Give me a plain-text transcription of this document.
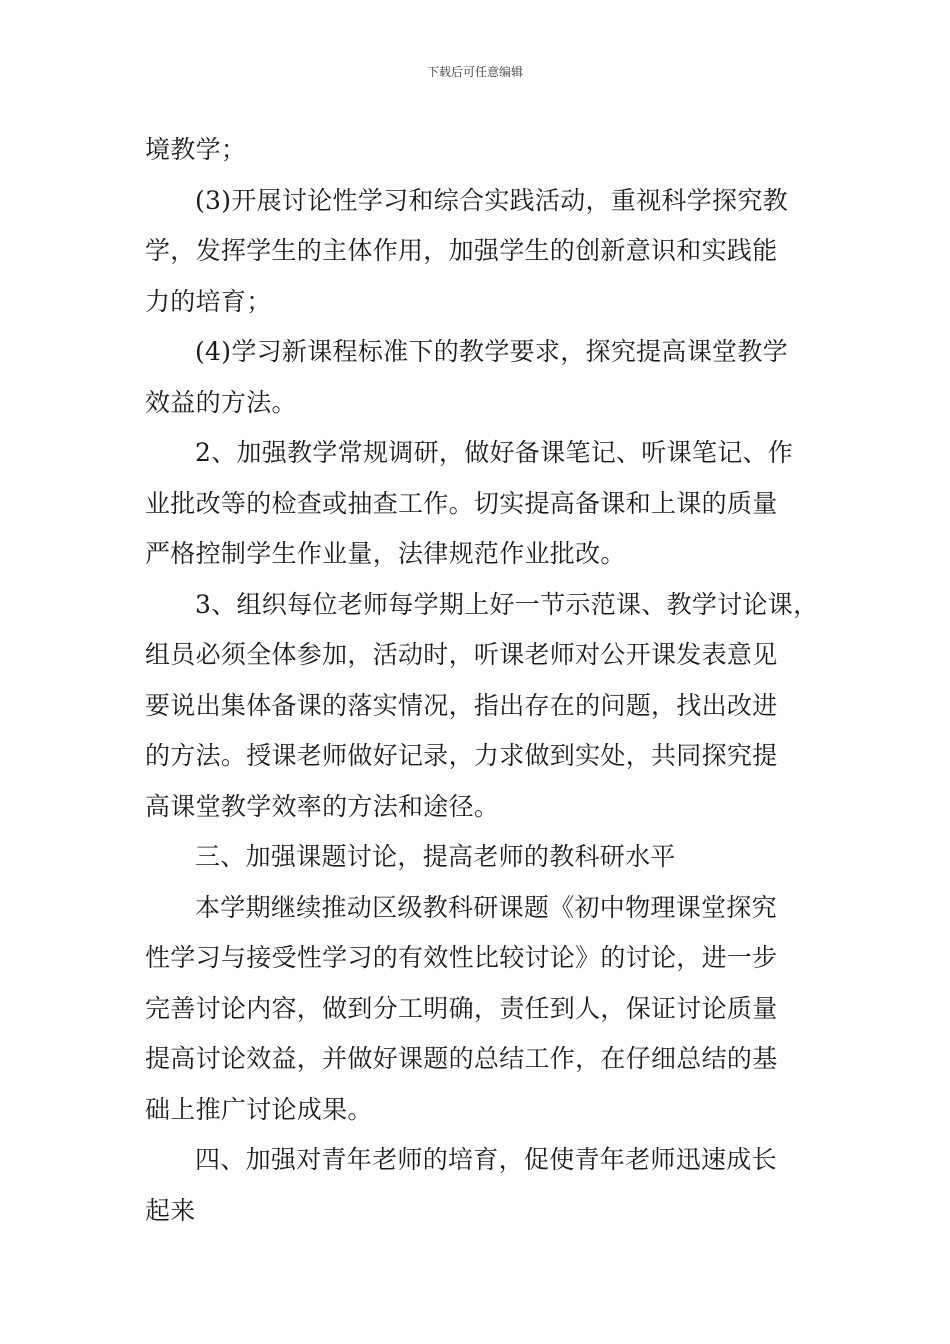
下载后可任意编辑
境教学；
(3)开展讨论性学习和综合实践活动，重视科学探究教
学，发挥学生的主体作用，加强学生的创新意识和实践能
力的培育；
(4)学习新课程标准下的教学要求，探究提高课堂教学
效益的方法。
2、加强教学常规调研，做好备课笔记、听课笔记、作
业批改等的检查或抽查工作。切实提高备课和上课的质量
严格控制学生作业量，法律规范作业批改。
3、组织每位老师每学期上好一节示范课、教学讨论课，
组员必须全体参加，活动时，听课老师对公开课发表意见
要说出集体备课的落实情况，指出存在的问题，找出改进
的方法。授课老师做好记录，力求做到实处，共同探究提
高课堂教学效率的方法和途径。
三、加强课题讨论，提高老师的教科研水平
本学期继续推动区级教科研课题《初中物理课堂探究
性学习与接受性学习的有效性比较讨论》的讨论，进一步
完善讨论内容，做到分工明确，责任到人，保证讨论质量
提高讨论效益，并做好课题的总结工作，在仔细总结的基
础上推广讨论成果。
四、加强对青年老师的培育，促使青年老师迅速成长
起来
